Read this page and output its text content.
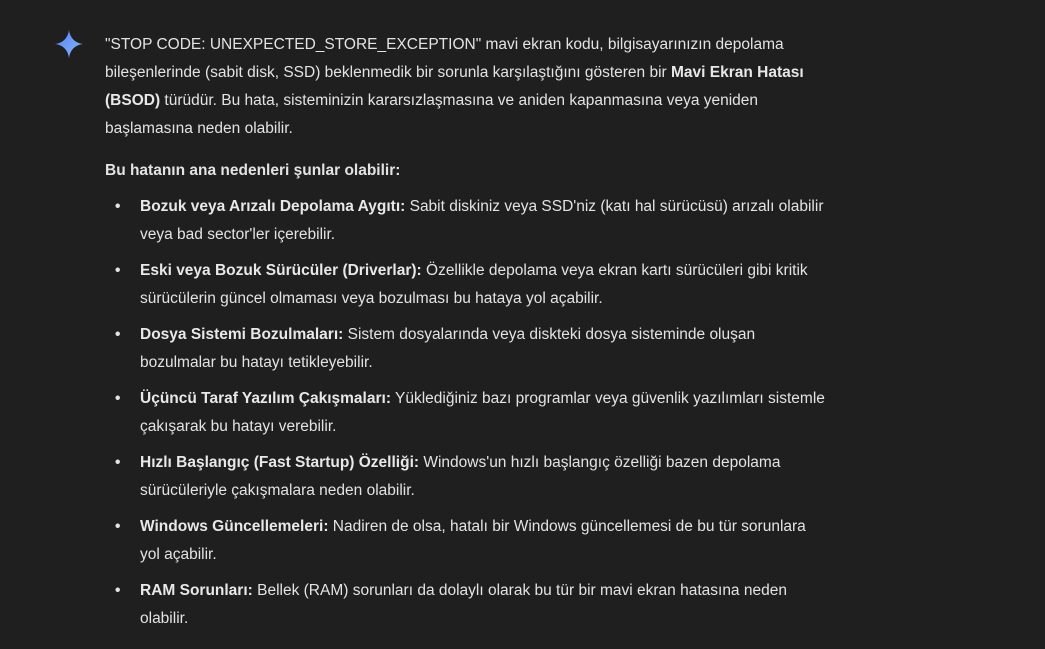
"STOP CODE: UNEXPECTED_STORE_EXCEPTION" mavi ekran kodu, bilgisayarınızın depolama bileşenlerinde (sabit disk, SSD) beklenmedik bir sorunla karşılaştığını gösteren bir Mavi Ekran Hatası (BSOD) türüdür. Bu hata, sisteminizin kararsızlaşmasına ve aniden kapanmasına veya yeniden başlamasına neden olabilir.

Bu hatanın ana nedenleri şunlar olabilir:

• Bozuk veya Arızalı Depolama Aygıtı: Sabit diskiniz veya SSD'niz (katı hal sürücüsü) arızalı olabilir veya bad sector'ler içerebilir.
• Eski veya Bozuk Sürücüler (Driverlar): Özellikle depolama veya ekran kartı sürücüleri gibi kritik sürücülerin güncel olmaması veya bozulması bu hataya yol açabilir.
• Dosya Sistemi Bozulmaları: Sistem dosyalarında veya diskteki dosya sisteminde oluşan bozulmalar bu hatayı tetikleyebilir.
• Üçüncü Taraf Yazılım Çakışmaları: Yüklediğiniz bazı programlar veya güvenlik yazılımları sistemle çakışarak bu hatayı verebilir.
• Hızlı Başlangıç (Fast Startup) Özelliği: Windows'un hızlı başlangıç özelliği bazen depolama sürücüleriyle çakışmalara neden olabilir.
• Windows Güncellemeleri: Nadiren de olsa, hatalı bir Windows güncellemesi de bu tür sorunlara yol açabilir.
• RAM Sorunları: Bellek (RAM) sorunları da dolaylı olarak bu tür bir mavi ekran hatasına neden olabilir.
